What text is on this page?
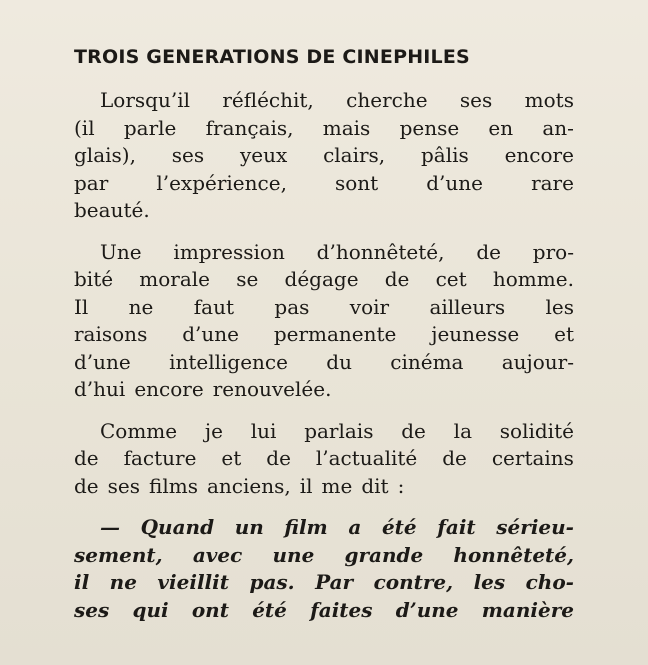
TROIS GENERATIONS DE CINEPHILES
Lorsqu’il réfléchit, cherche ses mots
(il parle français, mais pense en an-
glais), ses yeux clairs, pâlis encore
par l’expérience, sont d’une rare
beauté.
Une impression d’honnêteté, de pro-
bité morale se dégage de cet homme.
Il ne faut pas voir ailleurs les
raisons d’une permanente jeunesse et
d’une intelligence du cinéma aujour-
d’hui encore renouvelée.
Comme je lui parlais de la solidité
de facture et de l’actualité de certains
de ses films anciens, il me dit :
— Quand un film a été fait sérieu-
sement, avec une grande honnêteté,
il ne vieillit pas. Par contre, les cho-
ses qui ont été faites d’une manière
